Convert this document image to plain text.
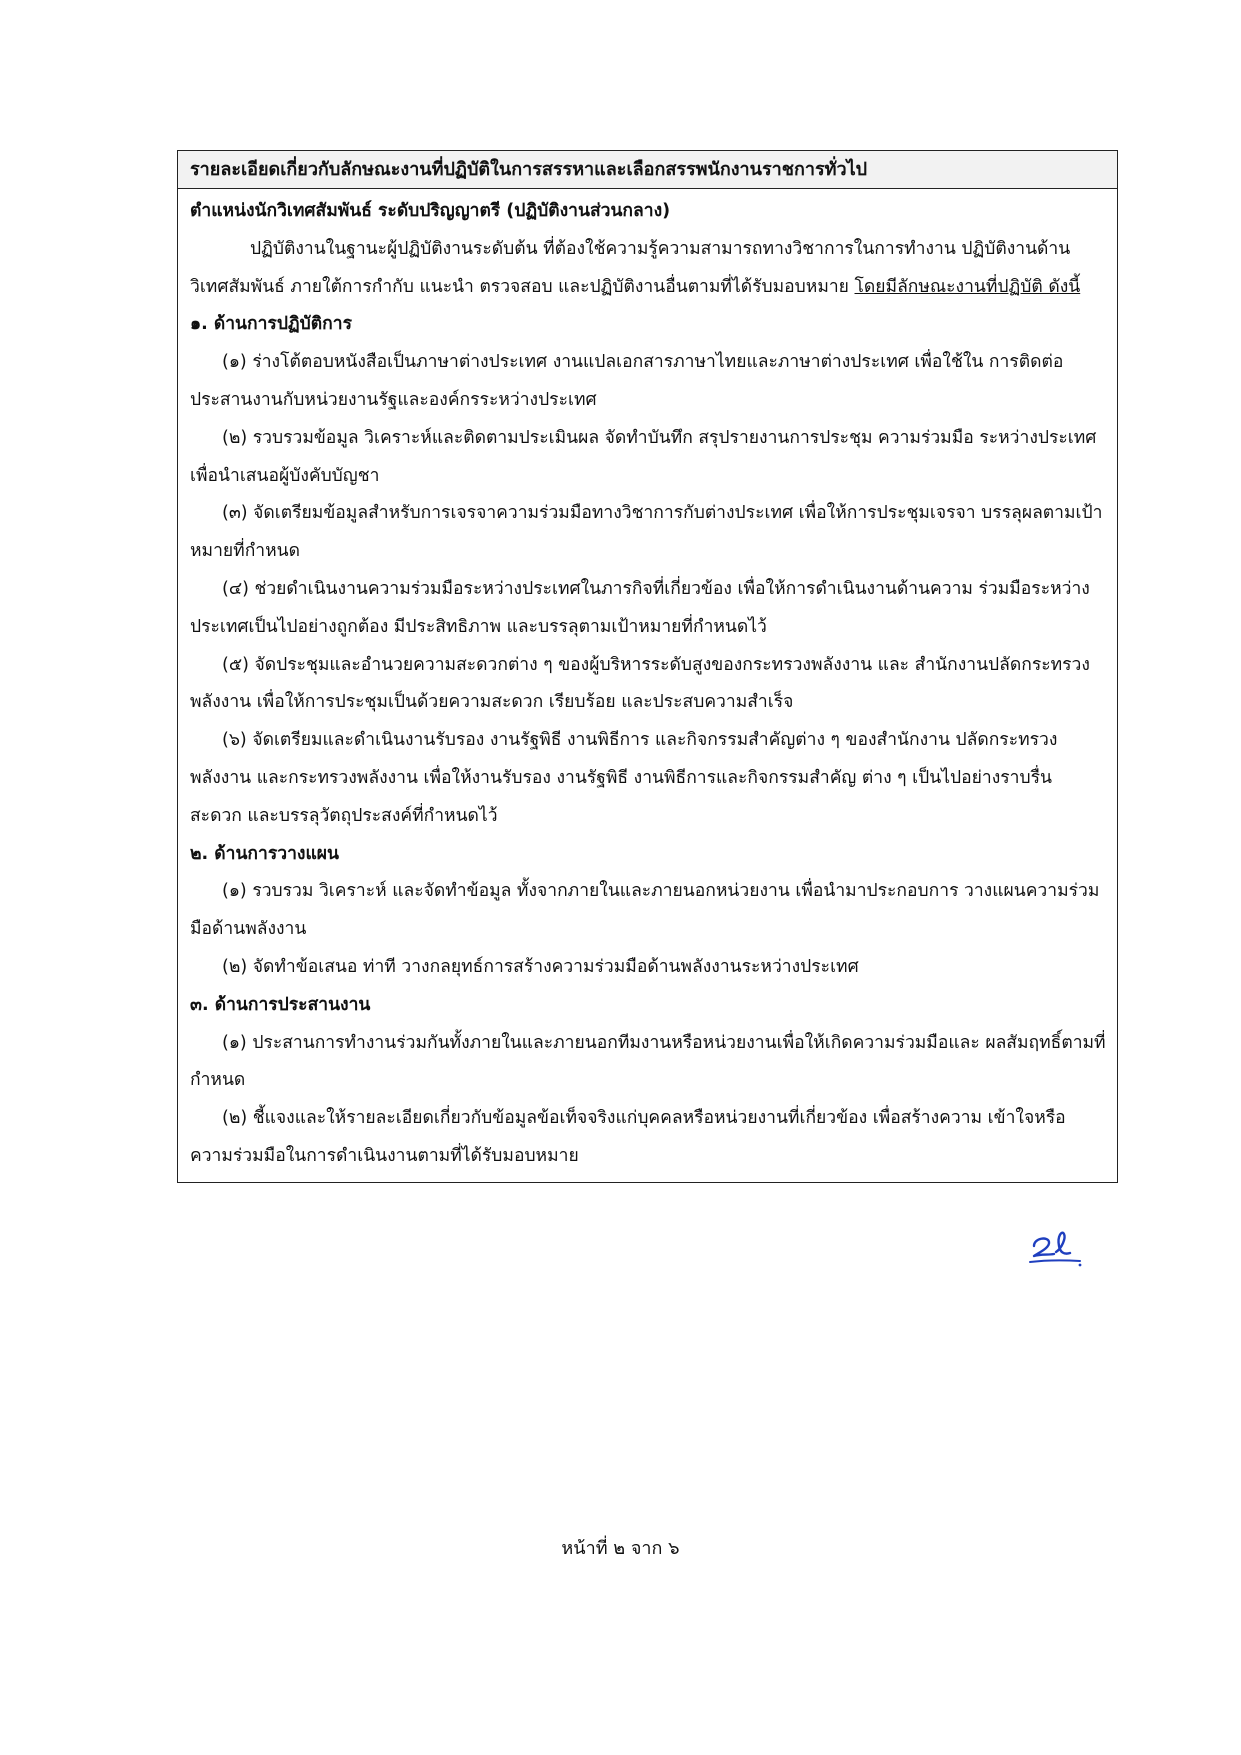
รายละเอียดเกี่ยวกับลักษณะงานที่ปฏิบัติในการสรรหาและเลือกสรรพนักงานราชการทั่วไป

ตำแหน่งนักวิเทศสัมพันธ์ ระดับปริญญาตรี (ปฏิบัติงานส่วนกลาง)

ปฏิบัติงานในฐานะผู้ปฏิบัติงานระดับต้น ที่ต้องใช้ความรู้ความสามารถทางวิชาการในการทำงาน ปฏิบัติงานด้านวิเทศสัมพันธ์ ภายใต้การกำกับ แนะนำ ตรวจสอบ และปฏิบัติงานอื่นตามที่ได้รับมอบหมาย โดยมีลักษณะงานที่ปฏิบัติ ดังนี้

๑. ด้านการปฏิบัติการ

(๑) ร่างโต้ตอบหนังสือเป็นภาษาต่างประเทศ งานแปลเอกสารภาษาไทยและภาษาต่างประเทศ เพื่อใช้ใน การติดต่อประสานงานกับหน่วยงานรัฐและองค์กรระหว่างประเทศ

(๒) รวบรวมข้อมูล วิเคราะห์และติดตามประเมินผล จัดทำบันทึก สรุปรายงานการประชุม ความร่วมมือ ระหว่างประเทศเพื่อนำเสนอผู้บังคับบัญชา

(๓) จัดเตรียมข้อมูลสำหรับการเจรจาความร่วมมือทางวิชาการกับต่างประเทศ เพื่อให้การประชุมเจรจา บรรลุผลตามเป้าหมายที่กำหนด

(๔) ช่วยดำเนินงานความร่วมมือระหว่างประเทศในภารกิจที่เกี่ยวข้อง เพื่อให้การดำเนินงานด้านความ ร่วมมือระหว่างประเทศเป็นไปอย่างถูกต้อง มีประสิทธิภาพ และบรรลุตามเป้าหมายที่กำหนดไว้

(๕) จัดประชุมและอำนวยความสะดวกต่าง ๆ ของผู้บริหารระดับสูงของกระทรวงพลังงาน และ สำนักงานปลัดกระทรวงพลังงาน เพื่อให้การประชุมเป็นด้วยความสะดวก เรียบร้อย และประสบความสำเร็จ

(๖) จัดเตรียมและดำเนินงานรับรอง งานรัฐพิธี งานพิธีการ และกิจกรรมสำคัญต่าง ๆ ของสำนักงาน ปลัดกระทรวงพลังงาน และกระทรวงพลังงาน เพื่อให้งานรับรอง งานรัฐพิธี งานพิธีการและกิจกรรมสำคัญ ต่าง ๆ เป็นไปอย่างราบรื่น สะดวก และบรรลุวัตถุประสงค์ที่กำหนดไว้

๒. ด้านการวางแผน

(๑) รวบรวม วิเคราะห์ และจัดทำข้อมูล ทั้งจากภายในและภายนอกหน่วยงาน เพื่อนำมาประกอบการ วางแผนความร่วมมือด้านพลังงาน

(๒) จัดทำข้อเสนอ ท่าที วางกลยุทธ์การสร้างความร่วมมือด้านพลังงานระหว่างประเทศ

๓. ด้านการประสานงาน

(๑) ประสานการทำงานร่วมกันทั้งภายในและภายนอกทีมงานหรือหน่วยงานเพื่อให้เกิดความร่วมมือและ ผลสัมฤทธิ์ตามที่กำหนด

(๒) ชี้แจงและให้รายละเอียดเกี่ยวกับข้อมูลข้อเท็จจริงแก่บุคคลหรือหน่วยงานที่เกี่ยวข้อง เพื่อสร้างความ เข้าใจหรือความร่วมมือในการดำเนินงานตามที่ได้รับมอบหมาย

หน้าที่ ๒ จาก ๖
